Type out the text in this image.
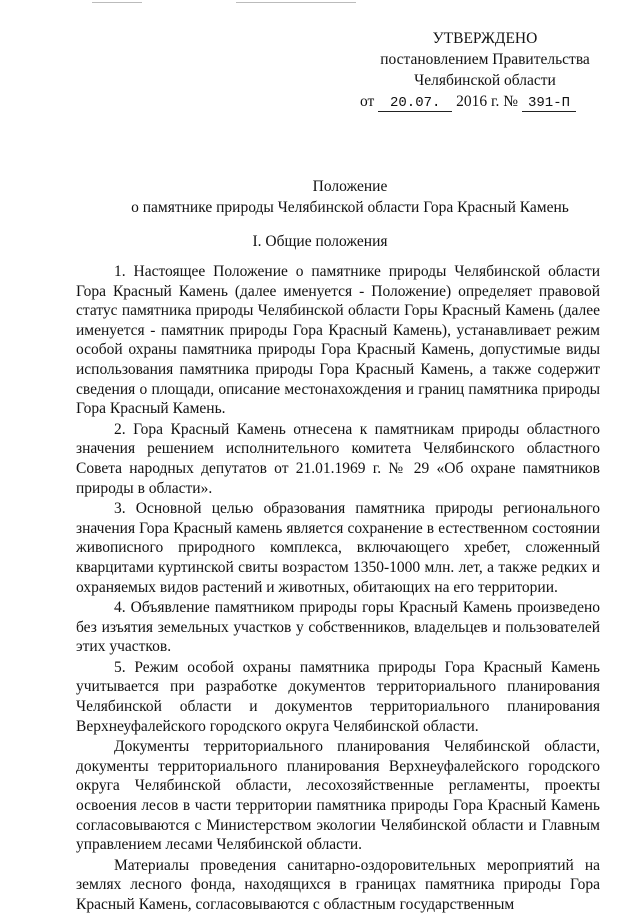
УТВЕРЖДЕНО
постановлением Правительства
Челябинской области
от 20.07. 2016 г. № 391-П
Положение
о памятнике природы Челябинской области Гора Красный Камень
I. Общие положения

1. Настоящее Положение о памятнике природы Челябинской области Гора Красный Камень (далее именуется - Положение) определяет правовой статус памятника природы Челябинской области Горы Красный Камень (далее именуется - памятник природы Гора Красный Камень), устанавливает режим особой охраны памятника природы Гора Красный Камень, допустимые виды использования памятника природы Гора Красный Камень, а также содержит сведения о площади, описание местонахождения и границ памятника природы Гора Красный Камень.

2. Гора Красный Камень отнесена к памятникам природы областного значения решением исполнительного комитета Челябинского областного Совета народных депутатов от 21.01.1969 г. № 29 «Об охране памятников природы в области».

3. Основной целью образования памятника природы регионального значения Гора Красный камень является сохранение в естественном состоянии живописного природного комплекса, включающего хребет, сложенный кварцитами куртинской свиты возрастом 1350-1000 млн. лет, а также редких и охраняемых видов растений и животных, обитающих на его территории.

4. Объявление памятником природы горы Красный Камень произведено без изъятия земельных участков у собственников, владельцев и пользователей этих участков.

5. Режим особой охраны памятника природы Гора Красный Камень учитывается при разработке документов территориального планирования Челябинской области и документов территориального планирования Верхнеуфалейского городского округа Челябинской области.

Документы территориального планирования Челябинской области, документы территориального планирования Верхнеуфалейского городского округа Челябинской области, лесохозяйственные регламенты, проекты освоения лесов в части территории памятника природы Гора Красный Камень согласовываются с Министерством экологии Челябинской области и Главным управлением лесами Челябинской области.

Материалы проведения санитарно-оздоровительных мероприятий на землях лесного фонда, находящихся в границах памятника природы Гора Красный Камень, согласовываются с областным государственным
